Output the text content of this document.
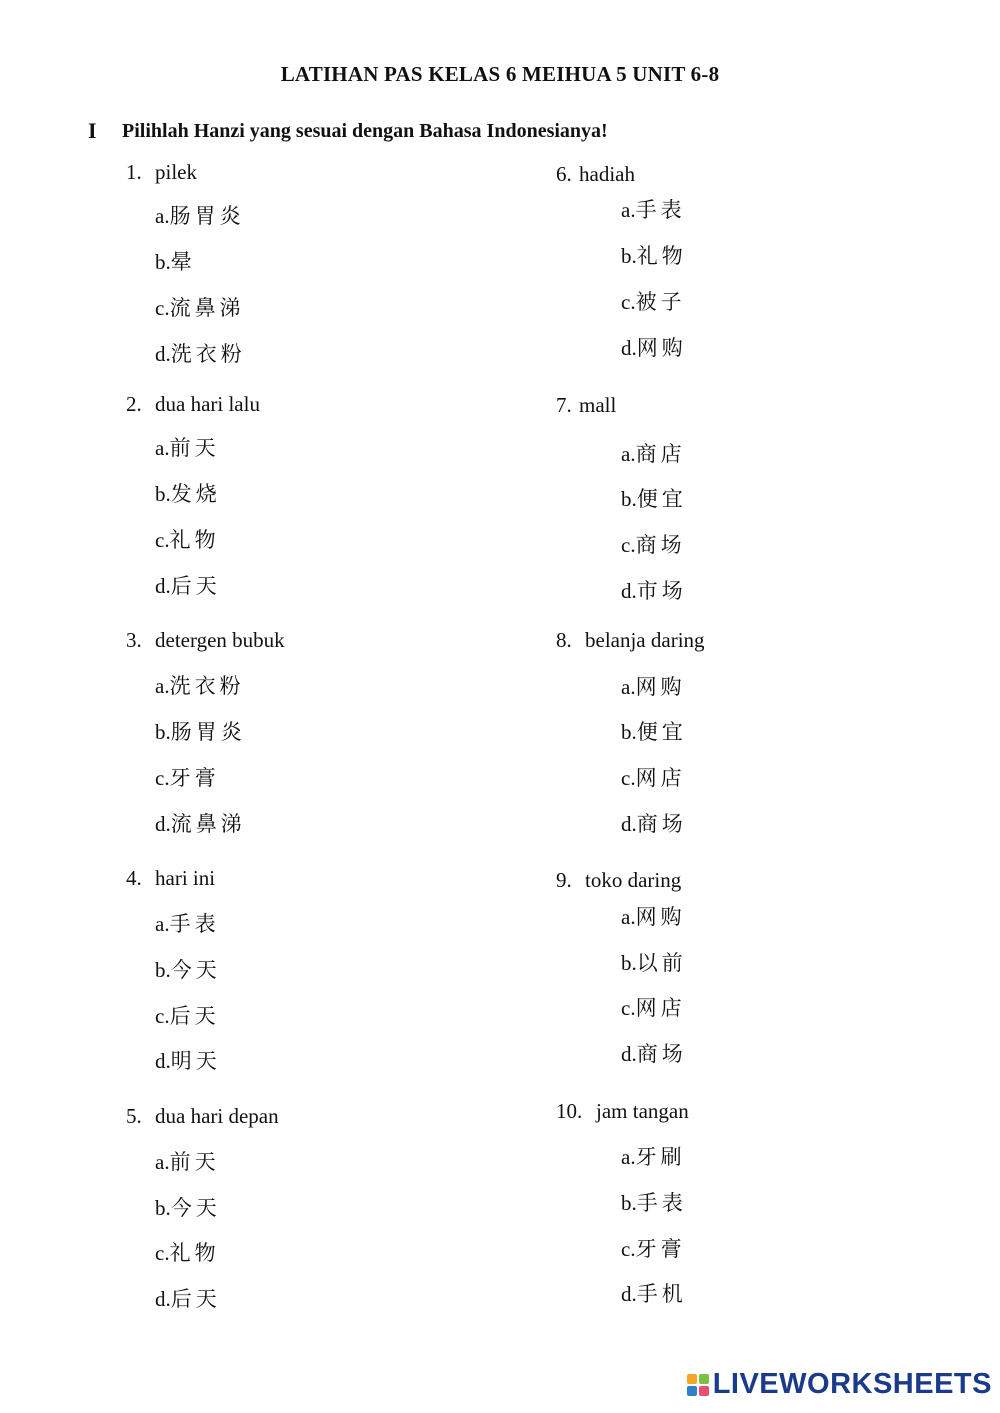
LATIHAN PAS KELAS 6 MEIHUA 5 UNIT 6-8
I Pilihlah Hanzi yang sesuai dengan Bahasa Indonesianya!
1. pilek
a.肠胃炎
b.晕
c.流鼻涕
d.洗衣粉
2. dua hari lalu
a.前天
b.发烧
c.礼物
d.后天
3. detergen bubuk
a.洗衣粉
b.肠胃炎
c.牙膏
d.流鼻涕
4. hari ini
a.手表
b.今天
c.后天
d.明天
5. dua hari depan
a.前天
b.今天
c.礼物
d.后天
6. hadiah
a.手表
b.礼物
c.被子
d.网购
7. mall
a.商店
b.便宜
c.商场
d.市场
8. belanja daring
a.网购
b.便宜
c.网店
d.商场
9. toko daring
a.网购
b.以前
c.网店
d.商场
10. jam tangan
a.牙刷
b.手表
c.牙膏
d.手机
LIVEWORKSHEETS
